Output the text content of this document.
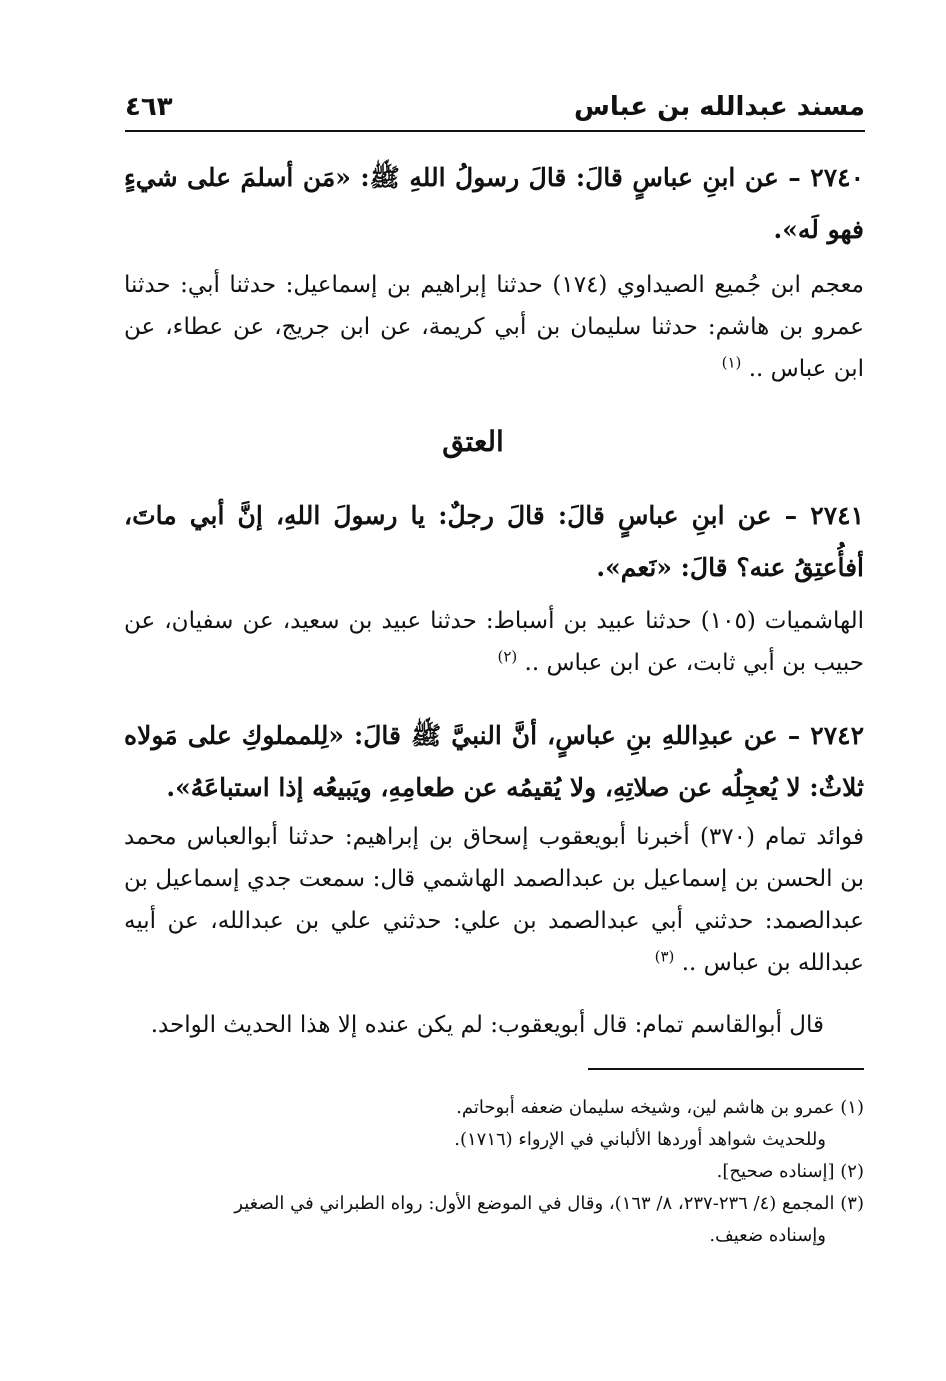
مسند عبدالله بن عباس
٤٦٣
٢٧٤٠ – عن ابنِ عباسٍ قالَ: قالَ رسولُ اللهِ ﷺ: «مَن أسلمَ على شيءٍ فهو لَه».
معجم ابن جُميع الصيداوي (١٧٤) حدثنا إبراهيم بن إسماعيل: حدثنا أبي: حدثنا عمرو بن هاشم: حدثنا سليمان بن أبي كريمة، عن ابن جريج، عن عطاء، عن ابن عباس .. $^{(١)}$
العتق
٢٧٤١ – عن ابنِ عباسٍ قالَ: قالَ رجلٌ: يا رسولَ اللهِ، إنَّ أبي ماتَ، أفأُعتِقُ عنه؟ قالَ: «نَعم».
الهاشميات (١٠٥) حدثنا عبيد بن أسباط: حدثنا عبيد بن سعيد، عن سفيان، عن حبيب بن أبي ثابت، عن ابن عباس .. $^{(٢)}$
٢٧٤٢ – عن عبدِاللهِ بنِ عباسٍ، أنَّ النبيَّ ﷺ قالَ: «لِلمملوكِ على مَولاه ثلاثٌ: لا يُعجِلُه عن صلاتِهِ، ولا يُقيمُه عن طعامِهِ، ويَبيعُه إذا استباعَهُ».
فوائد تمام (٣٧٠) أخبرنا أبويعقوب إسحاق بن إبراهيم: حدثنا أبوالعباس محمد بن الحسن بن إسماعيل بن عبدالصمد الهاشمي قال: سمعت جدي إسماعيل بن عبدالصمد: حدثني أبي عبدالصمد بن علي: حدثني علي بن عبدالله، عن أبيه عبدالله بن عباس .. $^{(٣)}$
قال أبوالقاسم تمام: قال أبويعقوب: لم يكن عنده إلا هذا الحديث الواحد.
(١) عمرو بن هاشم لين، وشيخه سليمان ضعفه أبوحاتم.
وللحديث شواهد أوردها الألباني في الإرواء (١٧١٦).
(٢) [إسناده صحيح].
(٣) المجمع (٤/ ٢٣٦-٢٣٧، ٨/ ١٦٣)، وقال في الموضع الأول: رواه الطبراني في الصغير
وإسناده ضعيف.
